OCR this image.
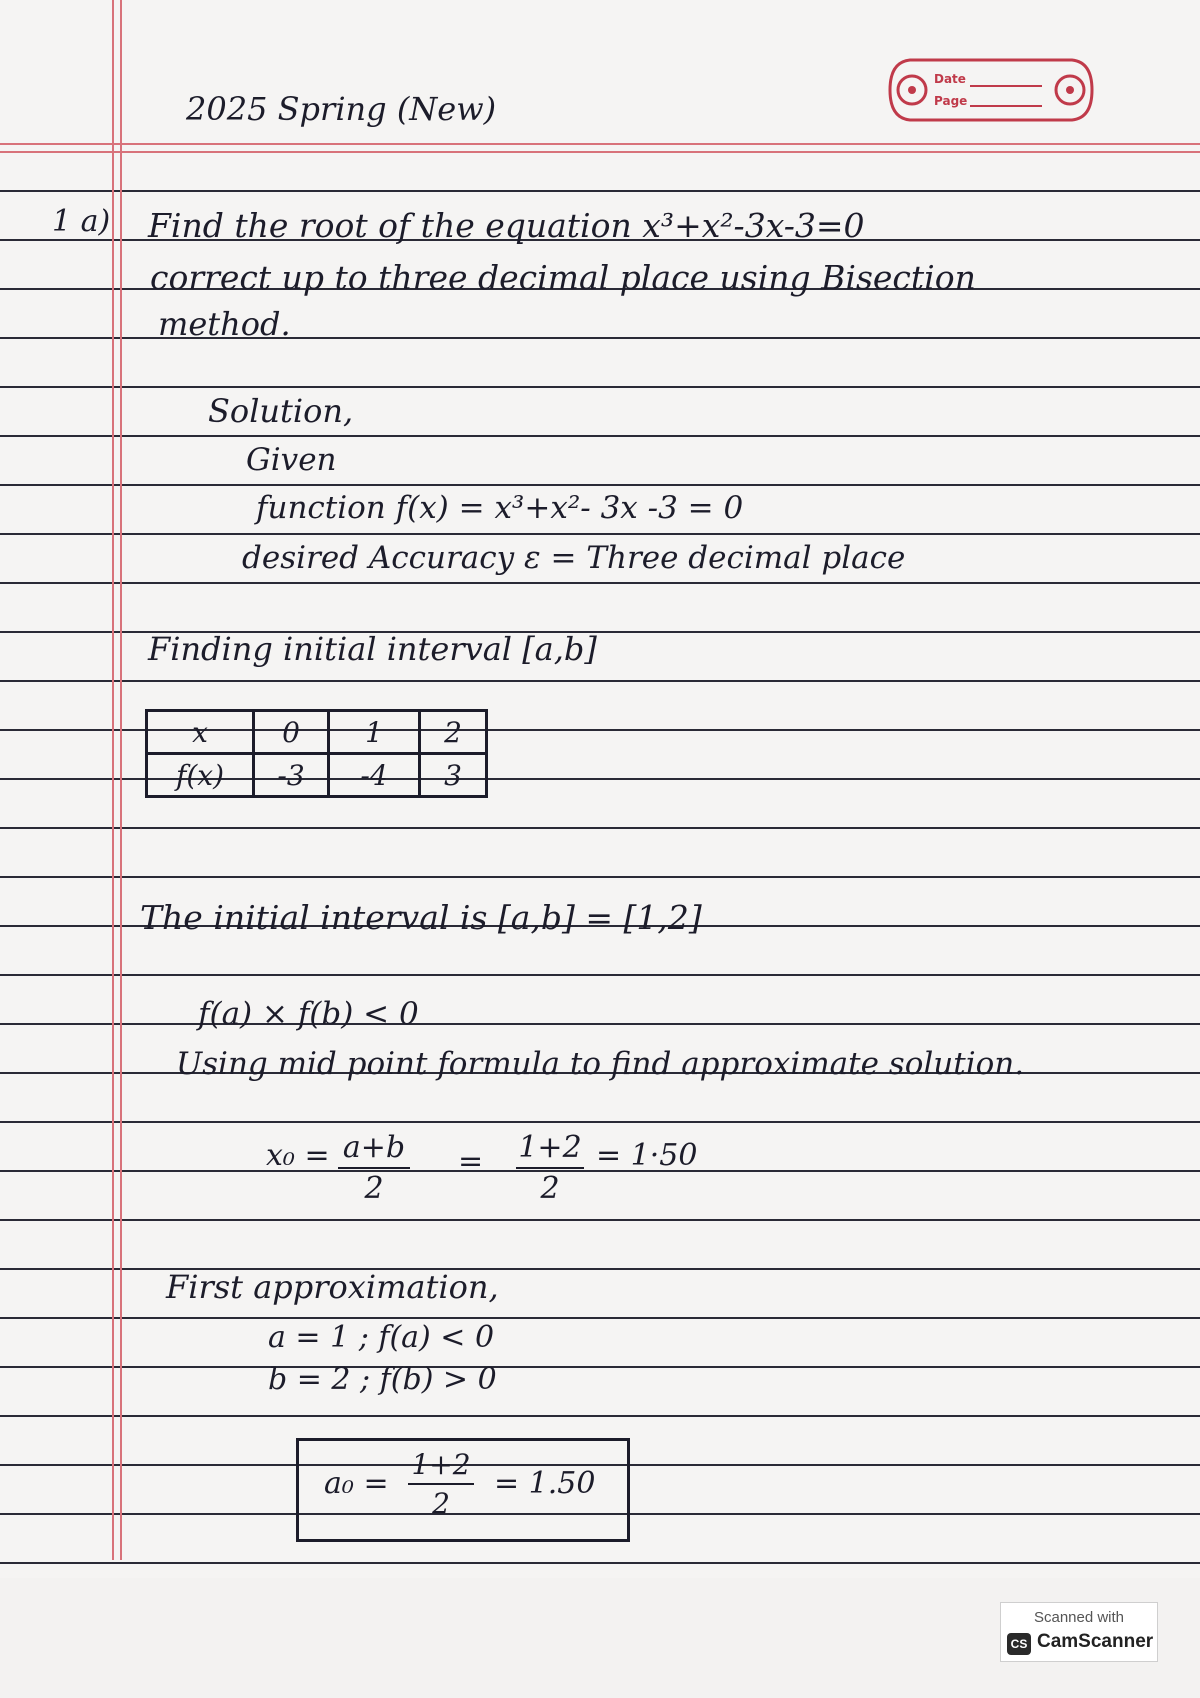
2025 Spring (New)
Date
Page
1 a) Find the root of the equation x³+x²-3x-3=0
correct up to three decimal place using Bisection
method.
Solution,
Given
function f(x) = x³+x²- 3x -3 = 0
desired Accuracy ε = Three decimal place
Finding initial interval [a,b]
x	0	1	2
f(x)	-3	-4	3
The initial interval is [a,b] = [1,2]
f(a) × f(b) < 0
Using mid point formula to find approximate solution.
x₀ = a+b
2
= 1+2
2
= 1·50
First approximation,
a = 1 ; f(a) < 0
b = 2 ; f(b) > 0
a₀ =
1+2
2
= 1.50
Scanned with
CS CamScanner
